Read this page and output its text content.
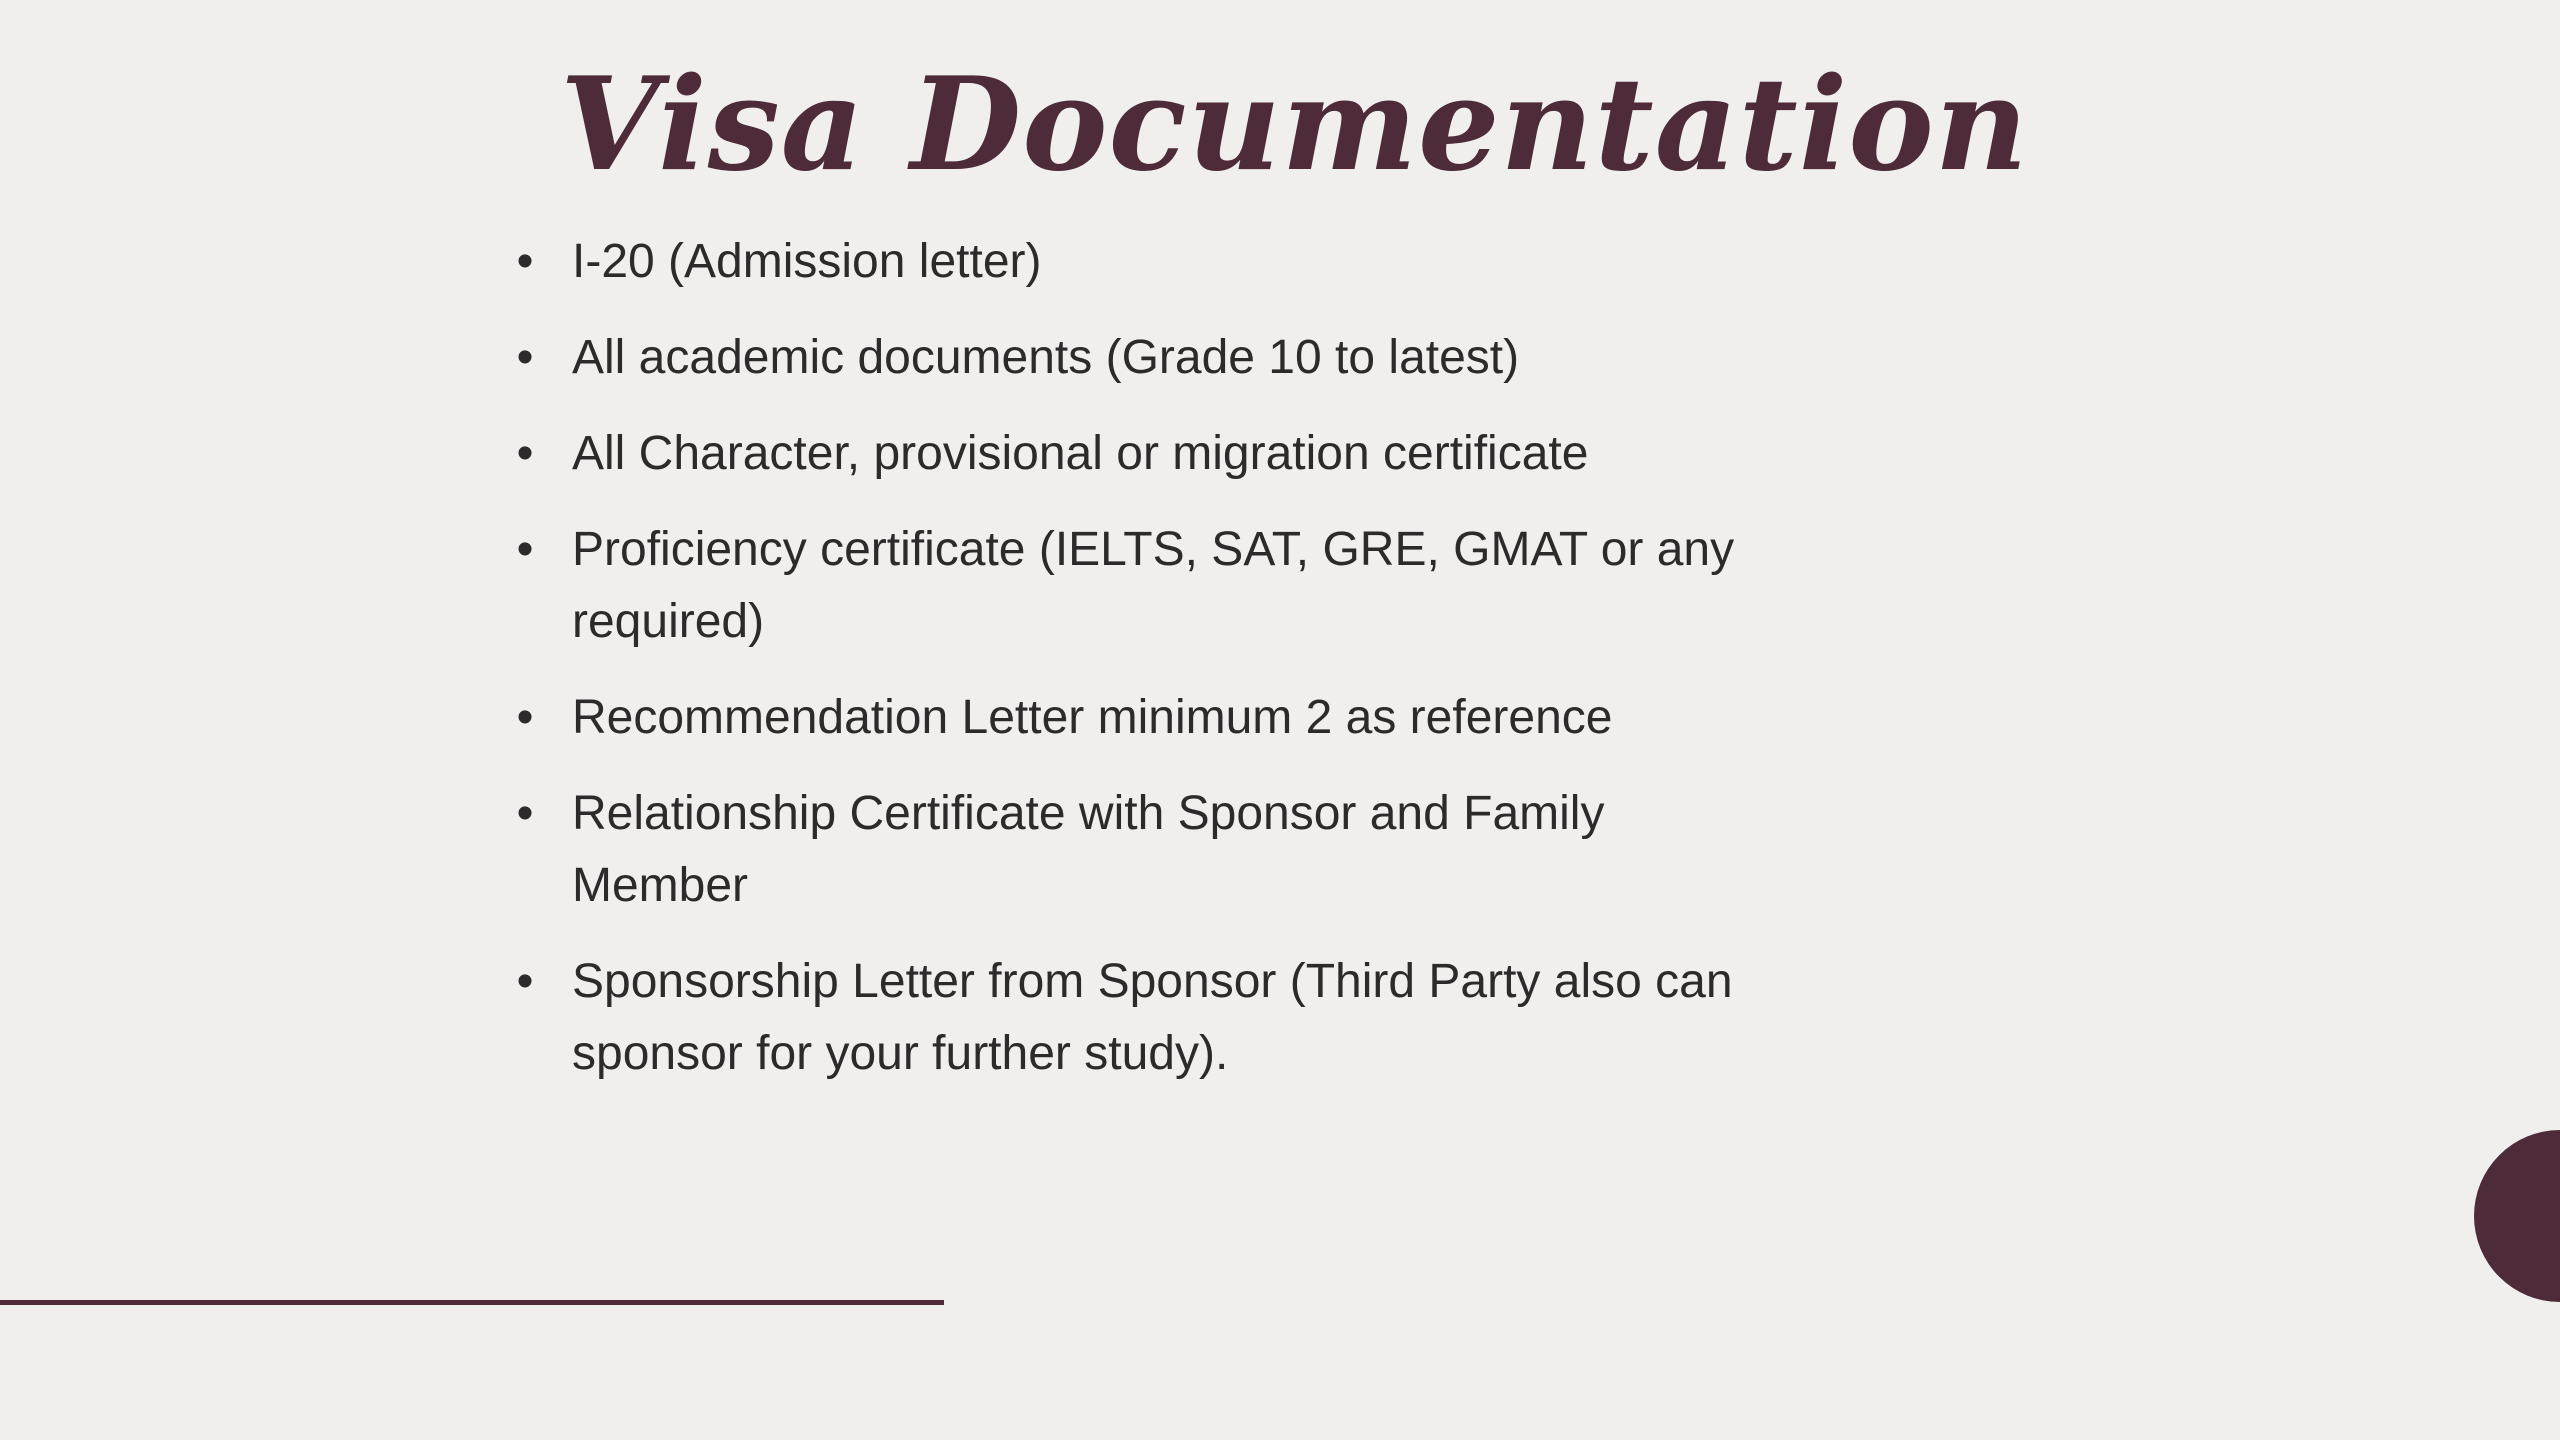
Visa Documentation
• I-20 (Admission letter)
• All academic documents (Grade 10 to latest)
• All Character, provisional or migration certificate
• Proficiency certificate (IELTS, SAT, GRE, GMAT or any required)
• Recommendation Letter minimum 2 as reference
• Relationship Certificate with Sponsor and Family Member
• Sponsorship Letter from Sponsor (Third Party also can sponsor for your further study).
